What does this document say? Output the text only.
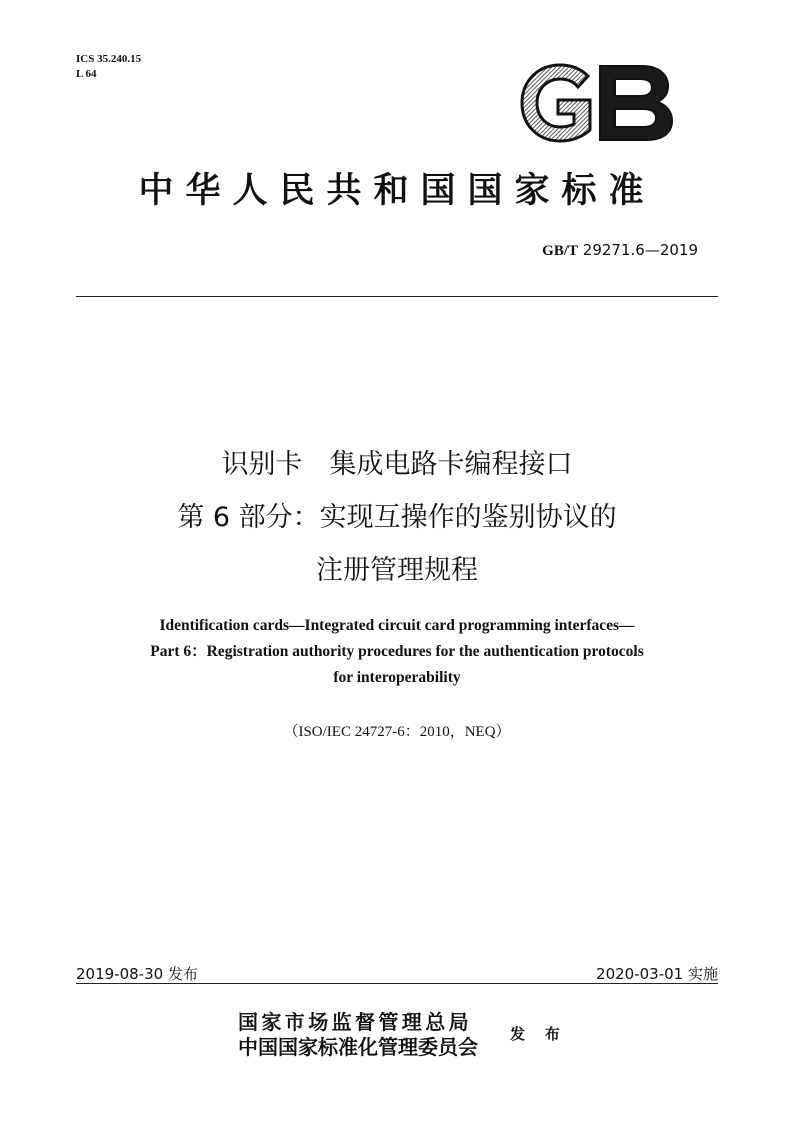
ICS 35.240.15
L 64
中华人民共和国国家标准
GB/T 29271.6—2019
识别卡　集成电路卡编程接口
第 6 部分：实现互操作的鉴别协议的
注册管理规程
Identification cards—Integrated circuit card programming interfaces—
Part 6：Registration authority procedures for the authentication protocols
for interoperability
（ISO/IEC 24727-6：2010，NEQ）
2019-08-30 发布	2020-03-01 实施
国家市场监督管理总局
中国国家标准化管理委员会
发 布
